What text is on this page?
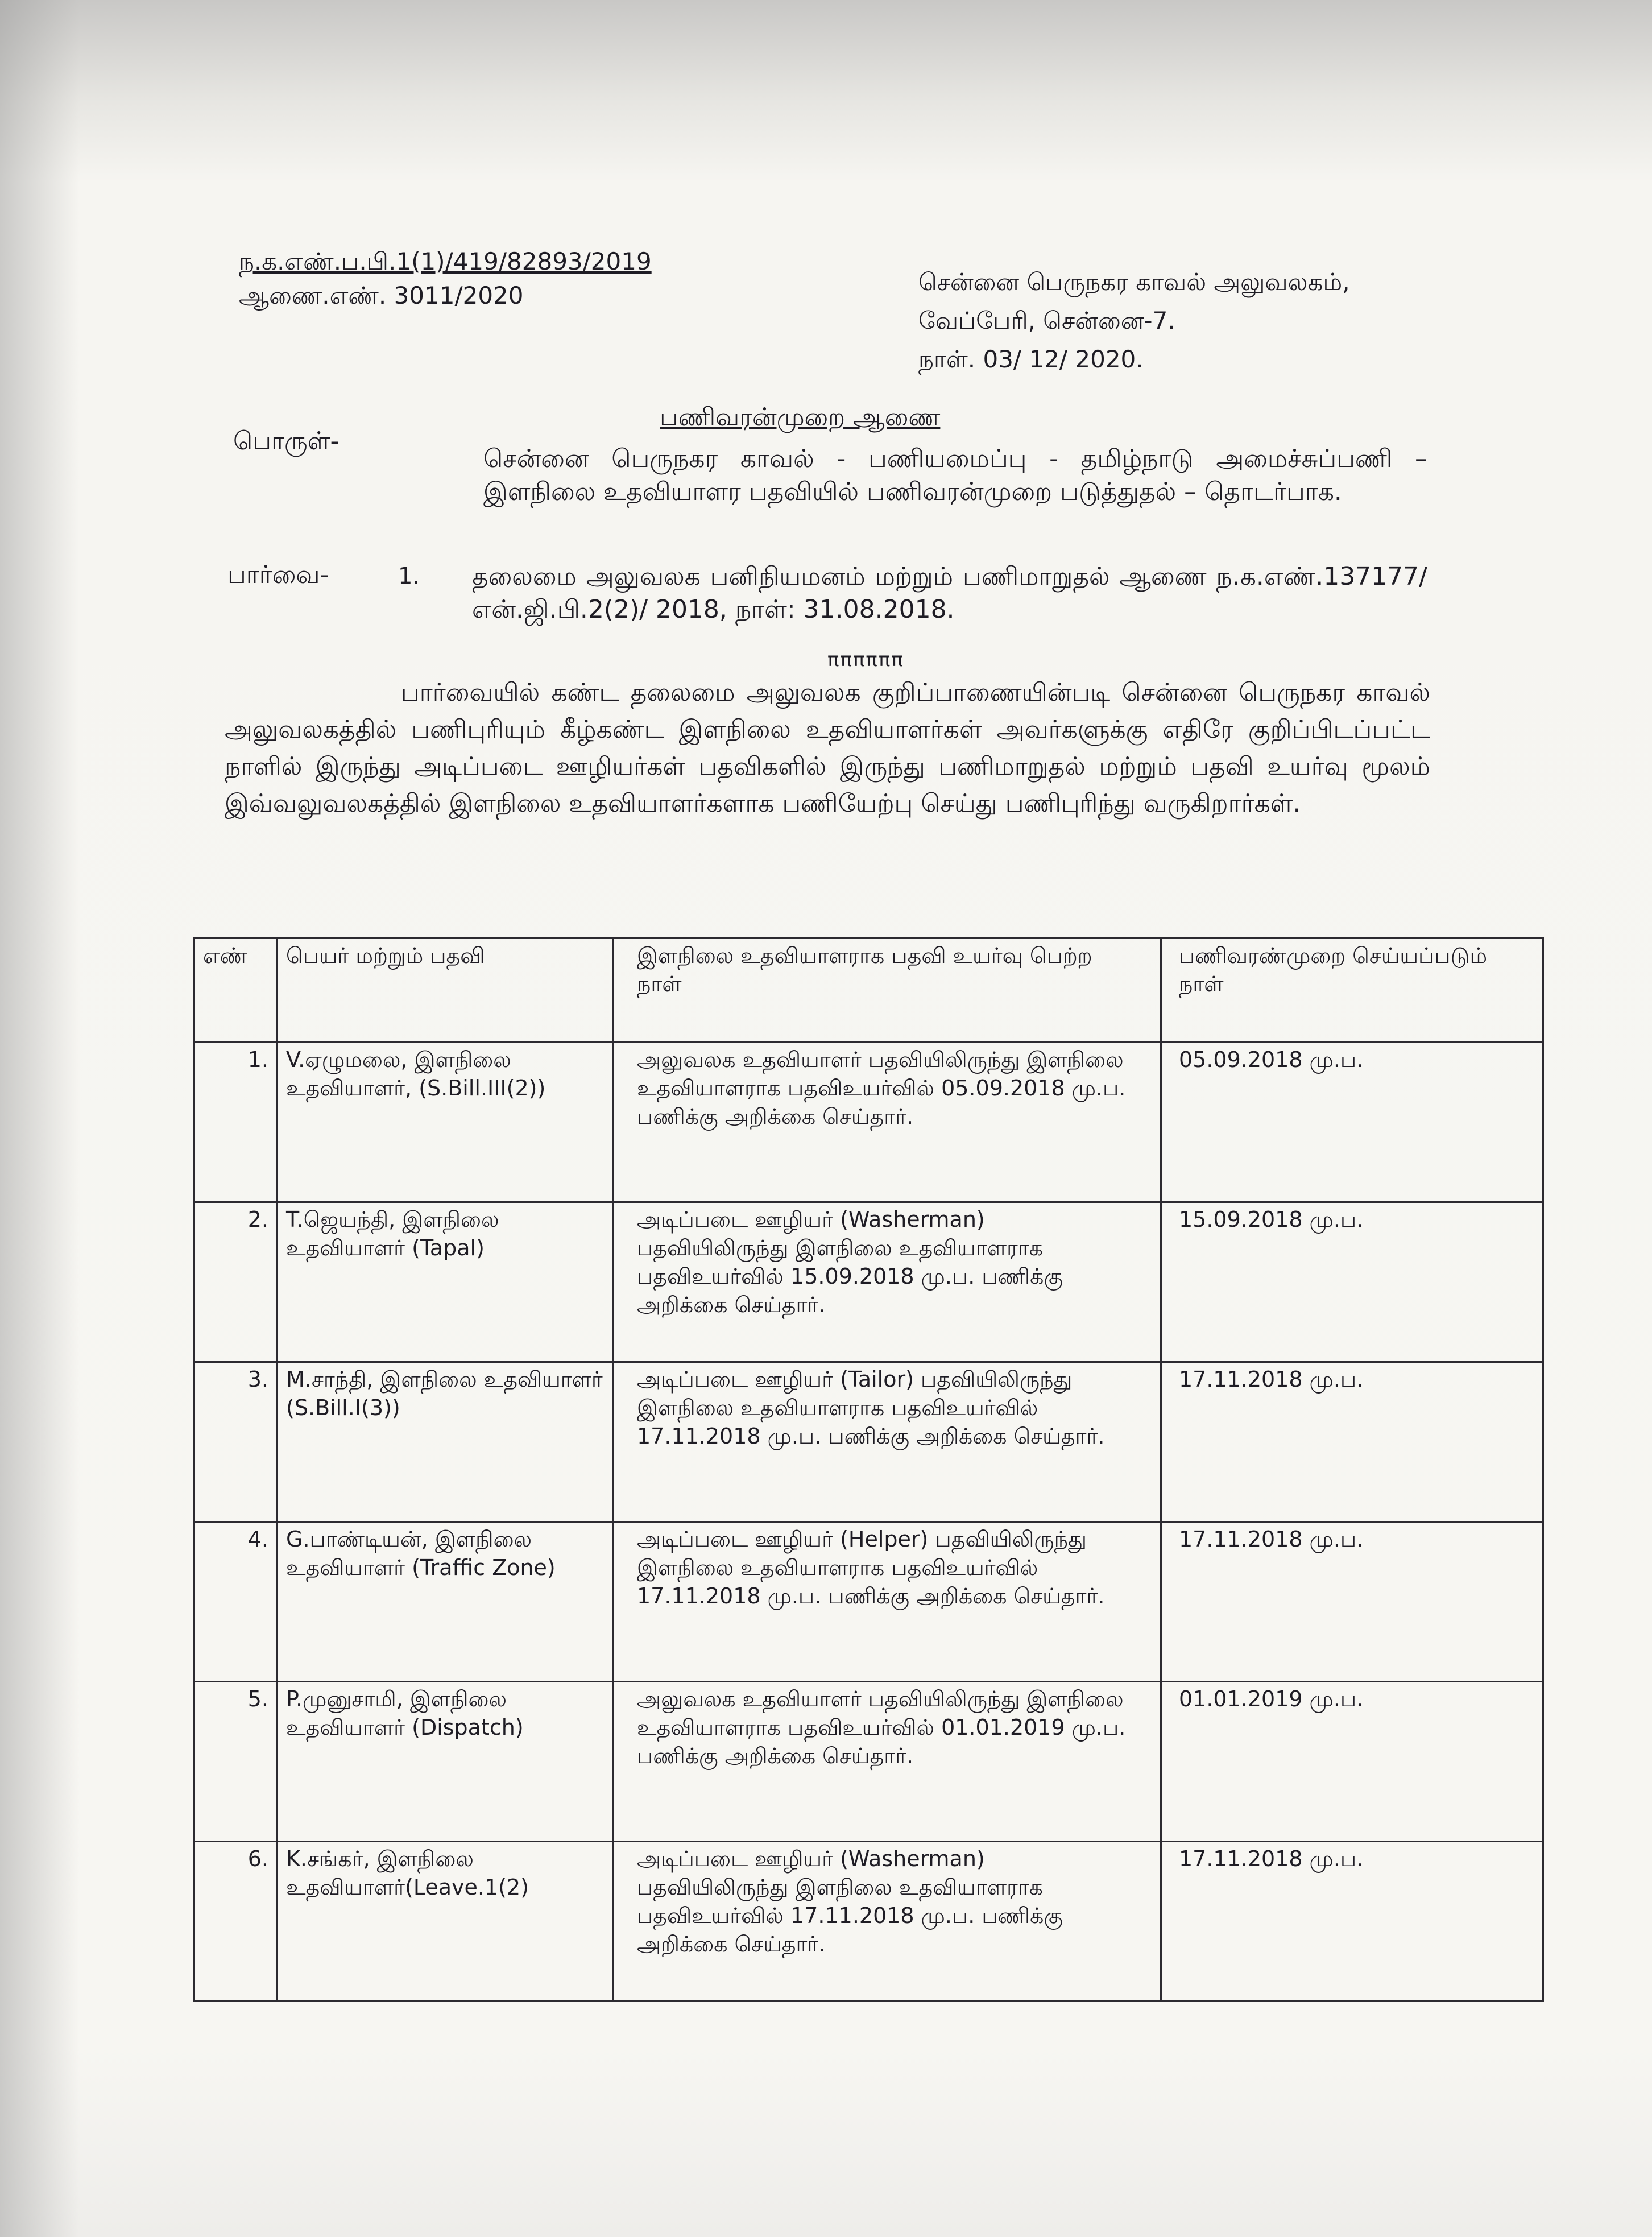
ந.க.எண்.ப.பி.1(1)/419/82893/2019
ஆணை.எண். 3011/2020	சென்னை பெருநகர காவல் அலுவலகம்,
வேப்பேரி, சென்னை-7.
நாள். 03/ 12/ 2020.
பணிவரன்முறை ஆணை
பொருள்-
சென்னை பெருநகர காவல் - பணியமைப்பு - தமிழ்நாடு அமைச்சுப்பணி – இளநிலை உதவியாளர பதவியில் பணிவரன்முறை படுத்துதல் – தொடர்பாக.
பார்வை-	1. தலைமை அலுவலக பனிநியமனம் மற்றும் பணிமாறுதல் ஆணை ந.க.எண்.137177/என்.ஜி.பி.2(2)/ 2018, நாள்: 31.08.2018.
ππππππ
பார்வையில் கண்ட தலைமை அலுவலக குறிப்பாணையின்படி சென்னை பெருநகர காவல் அலுவலகத்தில் பணிபுரியும் கீழ்கண்ட இளநிலை உதவியாளர்கள் அவர்களுக்கு எதிரே குறிப்பிடப்பட்ட நாளில் இருந்து அடிப்படை ஊழியர்கள் பதவிகளில் இருந்து பணிமாறுதல் மற்றும் பதவி உயர்வு மூலம் இவ்வலுவலகத்தில் இளநிலை உதவியாளர்களாக பணியேற்பு செய்து பணிபுரிந்து வருகிறார்கள்.
எண்	பெயர் மற்றும் பதவி	இளநிலை உதவியாளராக பதவி உயர்வு பெற்ற நாள்	பணிவரண்முறை செய்யப்படும் நாள்
1.	V.ஏழுமலை, இளநிலை உதவியாளர், (S.Bill.III(2))	அலுவலக உதவியாளர் பதவியிலிருந்து இளநிலை உதவியாளராக பதவிஉயர்வில் 05.09.2018 மு.ப. பணிக்கு அறிக்கை செய்தார்.	05.09.2018 மு.ப.
2.	T.ஜெயந்தி, இளநிலை உதவியாளர் (Tapal)	அடிப்படை ஊழியர் (Washerman) பதவியிலிருந்து இளநிலை உதவியாளராக பதவிஉயர்வில் 15.09.2018 மு.ப. பணிக்கு அறிக்கை செய்தார்.	15.09.2018 மு.ப.
3.	M.சாந்தி, இளநிலை உதவியாளர் (S.Bill.I(3))	அடிப்படை ஊழியர் (Tailor) பதவியிலிருந்து இளநிலை உதவியாளராக பதவிஉயர்வில் 17.11.2018 மு.ப. பணிக்கு அறிக்கை செய்தார்.	17.11.2018 மு.ப.
4.	G.பாண்டியன், இளநிலை உதவியாளர் (Traffic Zone)	அடிப்படை ஊழியர் (Helper) பதவியிலிருந்து இளநிலை உதவியாளராக பதவிஉயர்வில் 17.11.2018 மு.ப. பணிக்கு அறிக்கை செய்தார்.	17.11.2018 மு.ப.
5.	P.முனுசாமி, இளநிலை உதவியாளர் (Dispatch)	அலுவலக உதவியாளர் பதவியிலிருந்து இளநிலை உதவியாளராக பதவிஉயர்வில் 01.01.2019 மு.ப. பணிக்கு அறிக்கை செய்தார்.	01.01.2019 மு.ப.
6.	K.சங்கர், இளநிலை உதவியாளர்(Leave.1(2)	அடிப்படை ஊழியர் (Washerman) பதவியிலிருந்து இளநிலை உதவியாளராக பதவிஉயர்வில் 17.11.2018 மு.ப. பணிக்கு அறிக்கை செய்தார்.	17.11.2018 மு.ப.
